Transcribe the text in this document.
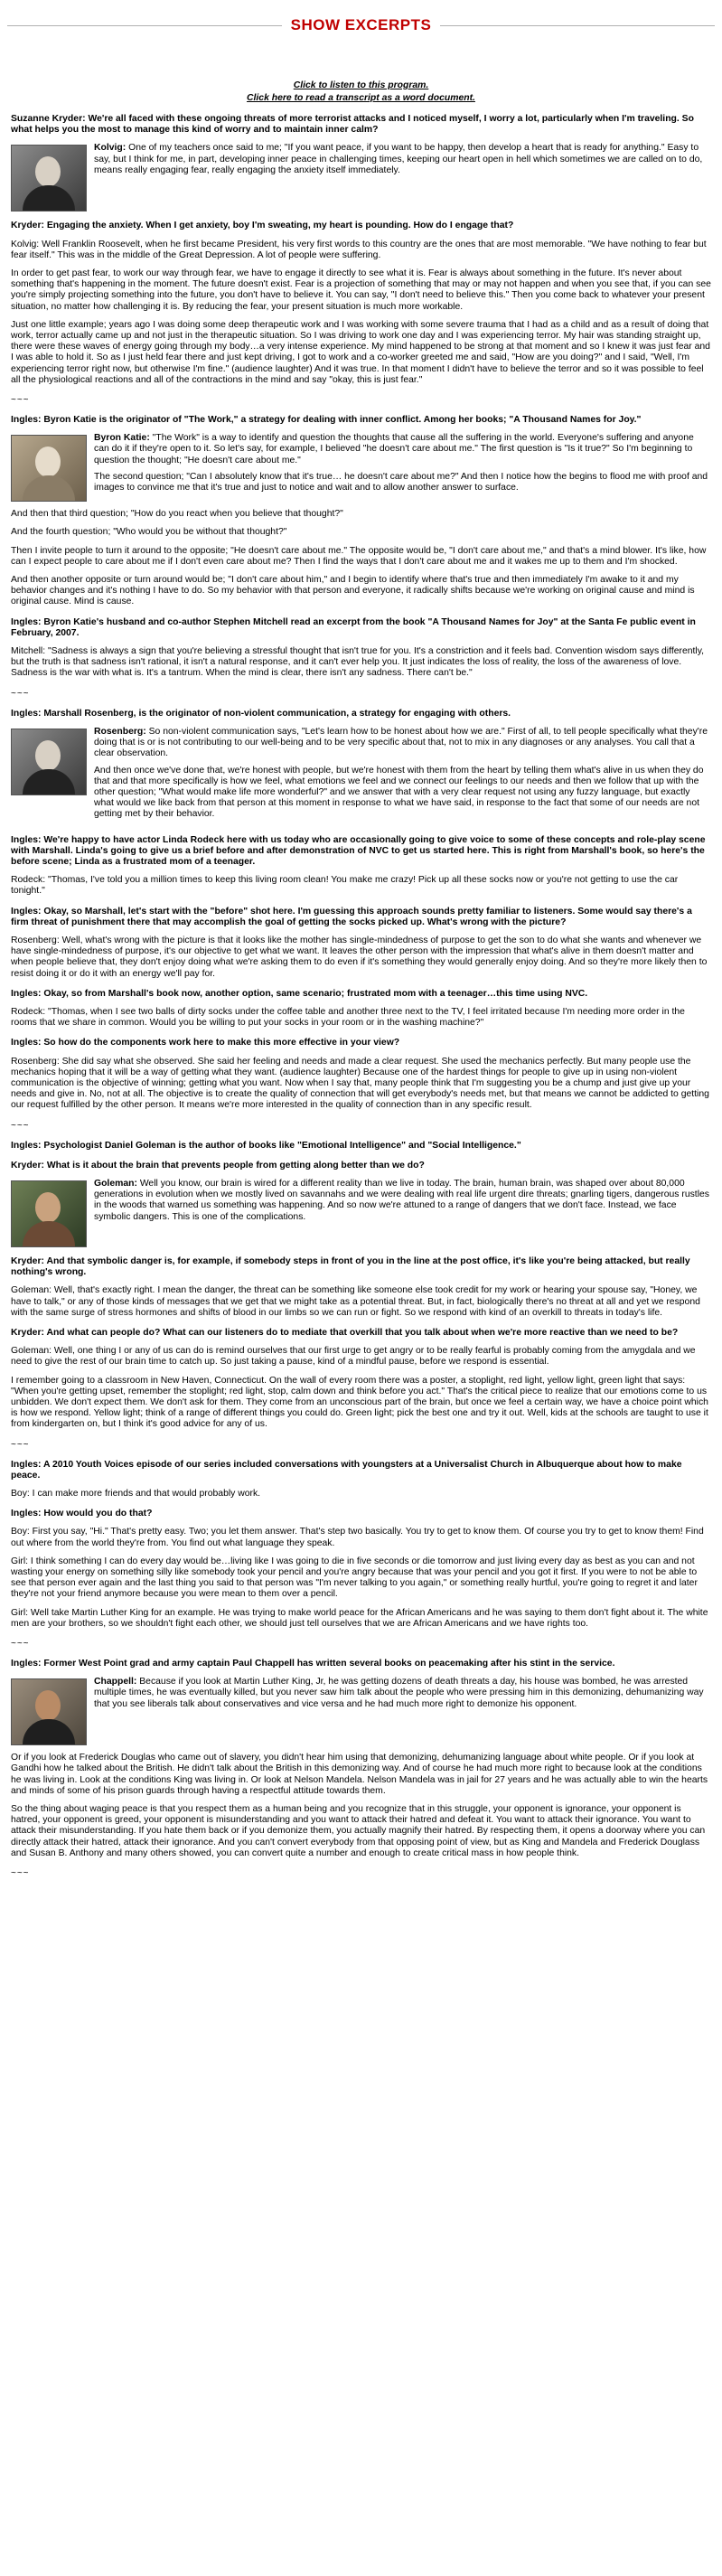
SHOW EXCERPTS
Click to listen to this program.
Click here to read a transcript as a word document.

Suzanne Kryder: We're all faced with these ongoing threats of more terrorist attacks and I noticed myself, I worry a lot, particularly when I'm traveling. So what helps you the most to manage this kind of worry and to maintain inner calm?

Kolvig: One of my teachers once said to me; "If you want peace, if you want to be happy, then develop a heart that is ready for anything." Easy to say, but I think for me, in part, developing inner peace in challenging times, keeping our heart open in hell which sometimes we are called on to do, means really engaging fear, really engaging the anxiety itself immediately.

Kryder: Engaging the anxiety. When I get anxiety, boy I'm sweating, my heart is pounding. How do I engage that?

Kolvig: Well Franklin Roosevelt, when he first became President, his very first words to this country are the ones that are most memorable. "We have nothing to fear but fear itself." This was in the middle of the Great Depression. A lot of people were suffering.

In order to get past fear, to work our way through fear, we have to engage it directly to see what it is. Fear is always about something in the future. It's never about something that's happening in the moment. The future doesn't exist. Fear is a projection of something that may or may not happen and when you see that, if you can see you're simply projecting something into the future, you don't have to believe it. You can say, "I don't need to believe this." Then you come back to whatever your present situation, no matter how challenging it is. By reducing the fear, your present situation is much more workable.

Just one little example; years ago I was doing some deep therapeutic work and I was working with some severe trauma that I had as a child and as a result of doing that work, terror actually came up and not just in the therapeutic situation. So I was driving to work one day and I was experiencing terror. My hair was standing straight up, there were these waves of energy going through my body…a very intense experience. My mind happened to be strong at that moment and so I knew it was just fear and I was able to hold it. So as I just held fear there and just kept driving, I got to work and a co-worker greeted me and said, "How are you doing?" and I said, "Well, I'm experiencing terror right now, but otherwise I'm fine." (audience laughter) And it was true. In that moment I didn't have to believe the terror and so it was possible to feel all the physiological reactions and all of the contractions in the mind and say "okay, this is just fear."

~~~

Ingles: Byron Katie is the originator of "The Work," a strategy for dealing with inner conflict. Among her books; "A Thousand Names for Joy."

Byron Katie: "The Work" is a way to identify and question the thoughts that cause all the suffering in the world. Everyone's suffering and anyone can do it if they're open to it. So let's say, for example, I believed "he doesn't care about me." The first question is "Is it true?" So I'm beginning to question the thought; "He doesn't care about me."

The second question; "Can I absolutely know that it's true… he doesn't care about me?" And then I notice how the begins to flood me with proof and images to convince me that it's true and just to notice and wait and to allow another answer to surface.

And then that third question; "How do you react when you believe that thought?"

And the fourth question; "Who would you be without that thought?"

Then I invite people to turn it around to the opposite; "He doesn't care about me." The opposite would be, "I don't care about me," and that's a mind blower. It's like, how can I expect people to care about me if I don't even care about me? Then I find the ways that I don't care about me and it wakes me up to them and I'm shocked.

And then another opposite or turn around would be; "I don't care about him," and I begin to identify where that's true and then immediately I'm awake to it and my behavior changes and it's nothing I have to do. So my behavior with that person and everyone, it radically shifts because we're working on original cause and mind is original cause. Mind is cause.

Ingles: Byron Katie's husband and co-author Stephen Mitchell read an excerpt from the book "A Thousand Names for Joy" at the Santa Fe public event in February, 2007.

Mitchell: "Sadness is always a sign that you're believing a stressful thought that isn't true for you. It's a constriction and it feels bad. Convention wisdom says differently, but the truth is that sadness isn't rational, it isn't a natural response, and it can't ever help you. It just indicates the loss of reality, the loss of the awareness of love. Sadness is the war with what is. It's a tantrum. When the mind is clear, there isn't any sadness. There can't be."

~~~

Ingles: Marshall Rosenberg, is the originator of non-violent communication, a strategy for engaging with others.

Rosenberg: So non-violent communication says, "Let's learn how to be honest about how we are." First of all, to tell people specifically what they're doing that is or is not contributing to our well-being and to be very specific about that, not to mix in any diagnoses or any analyses. You call that a clear observation.

And then once we've done that, we're honest with people, but we're honest with them from the heart by telling them what's alive in us when they do that and that more specifically is how we feel, what emotions we feel and we connect our feelings to our needs and then we follow that up with the other question; "What would make life more wonderful?" and we answer that with a very clear request not using any fuzzy language, but exactly what would we like back from that person at this moment in response to what we have said, in response to the fact that some of our needs are not getting met by their behavior.

Ingles: We're happy to have actor Linda Rodeck here with us today who are occasionally going to give voice to some of these concepts and role-play scene with Marshall. Linda's going to give us a brief before and after demonstration of NVC to get us started here. This is right from Marshall's book, so here's the before scene; Linda as a frustrated mom of a teenager.

Rodeck: "Thomas, I've told you a million times to keep this living room clean! You make me crazy! Pick up all these socks now or you're not getting to use the car tonight."

Ingles: Okay, so Marshall, let's start with the "before" shot here. I'm guessing this approach sounds pretty familiar to listeners. Some would say there's a firm threat of punishment there that may accomplish the goal of getting the socks picked up. What's wrong with the picture?

Rosenberg: Well, what's wrong with the picture is that it looks like the mother has single-mindedness of purpose to get the son to do what she wants and whenever we have single-mindedness of purpose, it's our objective to get what we want. It leaves the other person with the impression that what's alive in them doesn't matter and when people believe that, they don't enjoy doing what we're asking them to do even if it's something they would generally enjoy doing. And so they're more likely then to resist doing it or do it with an energy we'll pay for.

Ingles: Okay, so from Marshall's book now, another option, same scenario; frustrated mom with a teenager…this time using NVC.

Rodeck: "Thomas, when I see two balls of dirty socks under the coffee table and another three next to the TV, I feel irritated because I'm needing more order in the rooms that we share in common. Would you be willing to put your socks in your room or in the washing machine?"

Ingles: So how do the components work here to make this more effective in your view?

Rosenberg: She did say what she observed. She said her feeling and needs and made a clear request. She used the mechanics perfectly. But many people use the mechanics hoping that it will be a way of getting what they want. (audience laughter) Because one of the hardest things for people to give up in using non-violent communication is the objective of winning; getting what you want. Now when I say that, many people think that I'm suggesting you be a chump and just give up your needs and give in. No, not at all. The objective is to create the quality of connection that will get everybody's needs met, but that means we cannot be addicted to getting our request fulfilled by the other person. It means we're more interested in the quality of connection than in any specific result.

~~~

Ingles: Psychologist Daniel Goleman is the author of books like "Emotional Intelligence" and "Social Intelligence."

Kryder: What is it about the brain that prevents people from getting along better than we do?

Goleman: Well you know, our brain is wired for a different reality than we live in today. The brain, human brain, was shaped over about 80,000 generations in evolution when we mostly lived on savannahs and we were dealing with real life urgent dire threats; gnarling tigers, dangerous rustles in the woods that warned us something was happening. And so now we're attuned to a range of dangers that we don't face. Instead, we face symbolic dangers. This is one of the complications.

Kryder: And that symbolic danger is, for example, if somebody steps in front of you in the line at the post office, it's like you're being attacked, but really nothing's wrong.

Goleman: Well, that's exactly right. I mean the danger, the threat can be something like someone else took credit for my work or hearing your spouse say, "Honey, we have to talk," or any of those kinds of messages that we get that we might take as a potential threat. But, in fact, biologically there's no threat at all and yet we respond with the same surge of stress hormones and shifts of blood in our limbs so we can run or fight. So we respond with kind of an overkill to threats in today's life.

Kryder: And what can people do? What can our listeners do to mediate that overkill that you talk about when we're more reactive than we need to be?

Goleman: Well, one thing I or any of us can do is remind ourselves that our first urge to get angry or to be really fearful is probably coming from the amygdala and we need to give the rest of our brain time to catch up. So just taking a pause, kind of a mindful pause, before we respond is essential.

I remember going to a classroom in New Haven, Connecticut. On the wall of every room there was a poster, a stoplight, red light, yellow light, green light that says: "When you're getting upset, remember the stoplight; red light, stop, calm down and think before you act." That's the critical piece to realize that our emotions come to us unbidden. We don't expect them. We don't ask for them. They come from an unconscious part of the brain, but once we feel a certain way, we have a choice point which is how we respond. Yellow light; think of a range of different things you could do. Green light; pick the best one and try it out. Well, kids at the schools are taught to use it from kindergarten on, but I think it's good advice for any of us.

~~~

Ingles: A 2010 Youth Voices episode of our series included conversations with youngsters at a Universalist Church in Albuquerque about how to make peace.

Boy: I can make more friends and that would probably work.

Ingles: How would you do that?

Boy: First you say, "Hi." That's pretty easy. Two; you let them answer. That's step two basically. You try to get to know them. Of course you try to get to know them! Find out where from the world they're from. You find out what language they speak.

Girl: I think something I can do every day would be…living like I was going to die in five seconds or die tomorrow and just living every day as best as you can and not wasting your energy on something silly like somebody took your pencil and you're angry because that was your pencil and you got it first. If you were to not be able to see that person ever again and the last thing you said to that person was "I'm never talking to you again," or something really hurtful, you're going to regret it and later they're not your friend anymore because you were mean to them over a pencil.

Girl: Well take Martin Luther King for an example. He was trying to make world peace for the African Americans and he was saying to them don't fight about it. The white men are your brothers, so we shouldn't fight each other, we should just tell ourselves that we are African Americans and we have rights too.

~~~

Ingles: Former West Point grad and army captain Paul Chappell has written several books on peacemaking after his stint in the service.

Chappell: Because if you look at Martin Luther King, Jr, he was getting dozens of death threats a day, his house was bombed, he was arrested multiple times, he was eventually killed, but you never saw him talk about the people who were pressing him in this demonizing, dehumanizing way that you see liberals talk about conservatives and vice versa and he had much more right to demonize his opponent.

Or if you look at Frederick Douglas who came out of slavery, you didn't hear him using that demonizing, dehumanizing language about white people. Or if you look at Gandhi how he talked about the British. He didn't talk about the British in this demonizing way. And of course he had much more right to because look at the conditions he was living in. Look at the conditions King was living in. Or look at Nelson Mandela. Nelson Mandela was in jail for 27 years and he was actually able to win the hearts and minds of some of his prison guards through having a respectful attitude towards them.

So the thing about waging peace is that you respect them as a human being and you recognize that in this struggle, your opponent is ignorance, your opponent is hatred, your opponent is greed, your opponent is misunderstanding and you want to attack their hatred and defeat it. You want to attack their ignorance. You want to attack their misunderstanding. If you hate them back or if you demonize them, you actually magnify their hatred. By respecting them, it opens a doorway where you can directly attack their hatred, attack their ignorance. And you can't convert everybody from that opposing point of view, but as King and Mandela and Frederick Douglass and Susan B. Anthony and many others showed, you can convert quite a number and enough to create critical mass in how people think.

~~~
